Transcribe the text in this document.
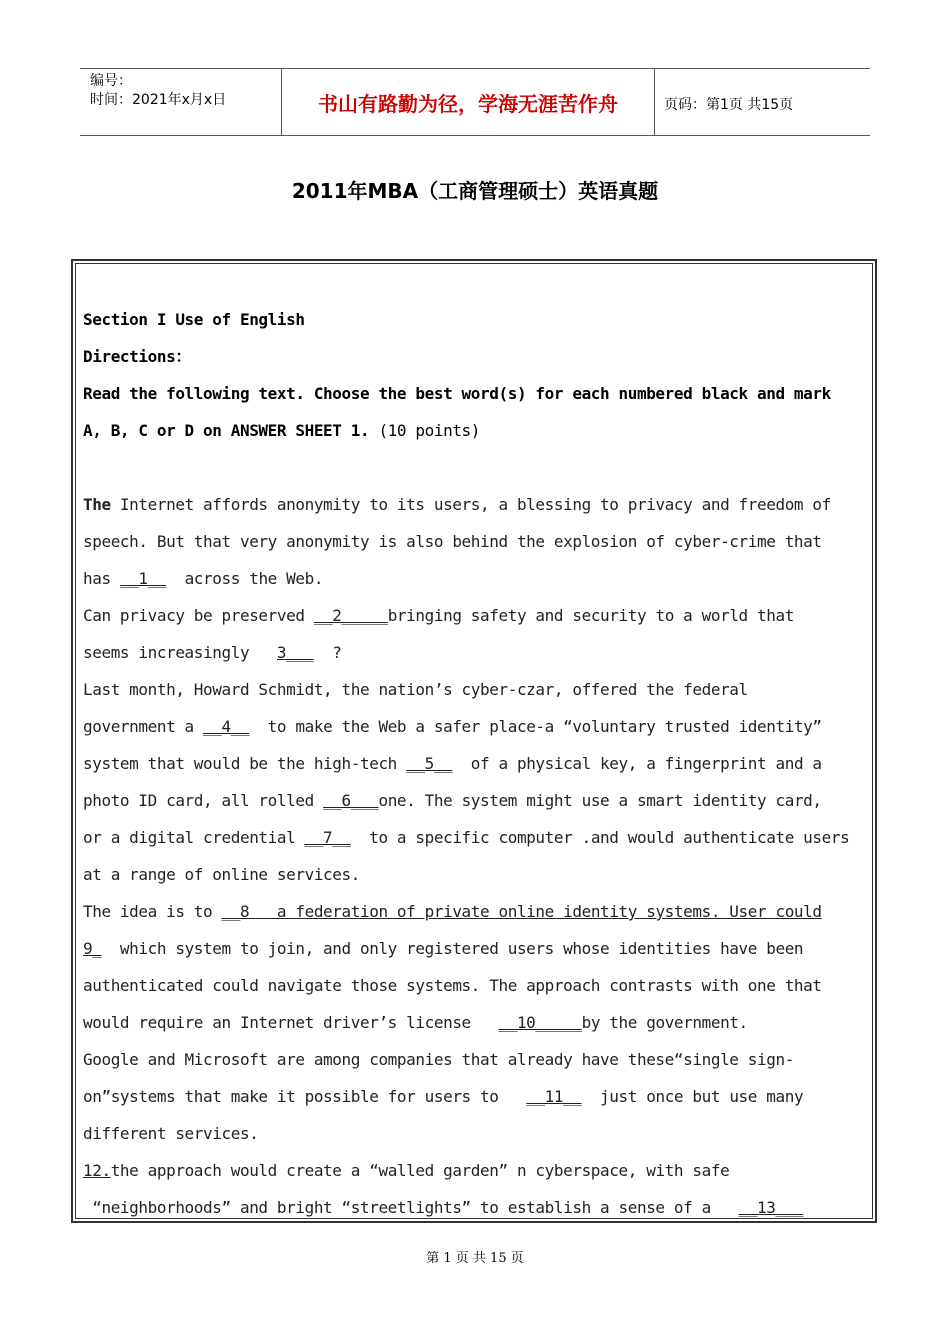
编号：
时间：2021年x月x日	书山有路勤为径，学海无涯苦作舟	页码：第1页 共15页
2011年MBA（工商管理硕士）英语真题
Section I Use of English
Directions：
Read the following text. Choose the best word(s) for each numbered black and mark
A, B, C or D on ANSWER SHEET 1. (10 points)
The Internet affords anonymity to its users, a blessing to privacy and freedom of
speech. But that very anonymity is also behind the explosion of cyber-crime that
has __1__  across the Web.
Can privacy be preserved __2_____bringing safety and security to a world that
seems increasingly   3___  ?
Last month, Howard Schmidt, the nation’s cyber-czar, offered the federal
government a __4__  to make the Web a safer place-a “voluntary trusted identity”
system that would be the high-tech __5__  of a physical key, a fingerprint and a
photo ID card, all rolled __6___one. The system might use a smart identity card,
or a digital credential __7__  to a specific computer .and would authenticate users
at a range of online services.
The idea is to __8   a federation of private online identity systems. User could
9_  which system to join, and only registered users whose identities have been
authenticated could navigate those systems. The approach contrasts with one that
would require an Internet driver’s license   __10_____by the government.
Google and Microsoft are among companies that already have these“single sign-
on”systems that make it possible for users to   __11__  just once but use many
different services.
12.the approach would create a “walled garden” n cyberspace, with safe
“neighborhoods” and bright “streetlights” to establish a sense of a   __13___
第 1 页 共 15 页
